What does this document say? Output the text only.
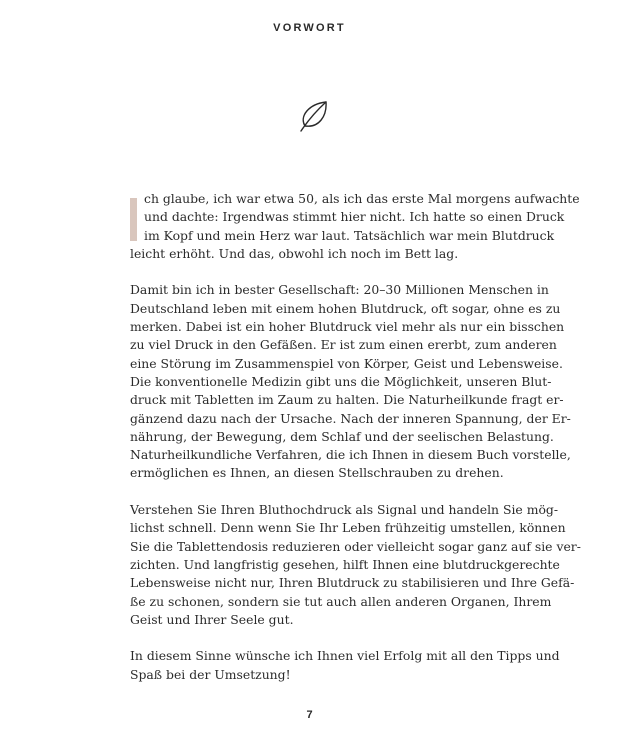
VORWORT

ch glaube, ich war etwa 50, als ich das erste Mal morgens aufwachte
und dachte: Irgendwas stimmt hier nicht. Ich hatte so einen Druck
im Kopf und mein Herz war laut. Tatsächlich war mein Blutdruck
leicht erhöht. Und das, obwohl ich noch im Bett lag.

Damit bin ich in bester Gesellschaft: 20–30 Millionen Menschen in
Deutschland leben mit einem hohen Blutdruck, oft sogar, ohne es zu
merken. Dabei ist ein hoher Blutdruck viel mehr als nur ein bisschen
zu viel Druck in den Gefäßen. Er ist zum einen ererbt, zum anderen
eine Störung im Zusammenspiel von Körper, Geist und Lebensweise.
Die konventionelle Medizin gibt uns die Möglichkeit, unseren Blut-
druck mit Tabletten im Zaum zu halten. Die Naturheilkunde fragt er-
gänzend dazu nach der Ursache. Nach der inneren Spannung, der Er-
nährung, der Bewegung, dem Schlaf und der seelischen Belastung.
Naturheilkundliche Verfahren, die ich Ihnen in diesem Buch vorstelle,
ermöglichen es Ihnen, an diesen Stellschrauben zu drehen.

Verstehen Sie Ihren Bluthochdruck als Signal und handeln Sie mög-
lichst schnell. Denn wenn Sie Ihr Leben frühzeitig umstellen, können
Sie die Tablettendosis reduzieren oder vielleicht sogar ganz auf sie ver-
zichten. Und langfristig gesehen, hilft Ihnen eine blutdruckgerechte
Lebensweise nicht nur, Ihren Blutdruck zu stabilisieren und Ihre Gefä-
ße zu schonen, sondern sie tut auch allen anderen Organen, Ihrem
Geist und Ihrer Seele gut.

In diesem Sinne wünsche ich Ihnen viel Erfolg mit all den Tipps und
Spaß bei der Umsetzung!

7
